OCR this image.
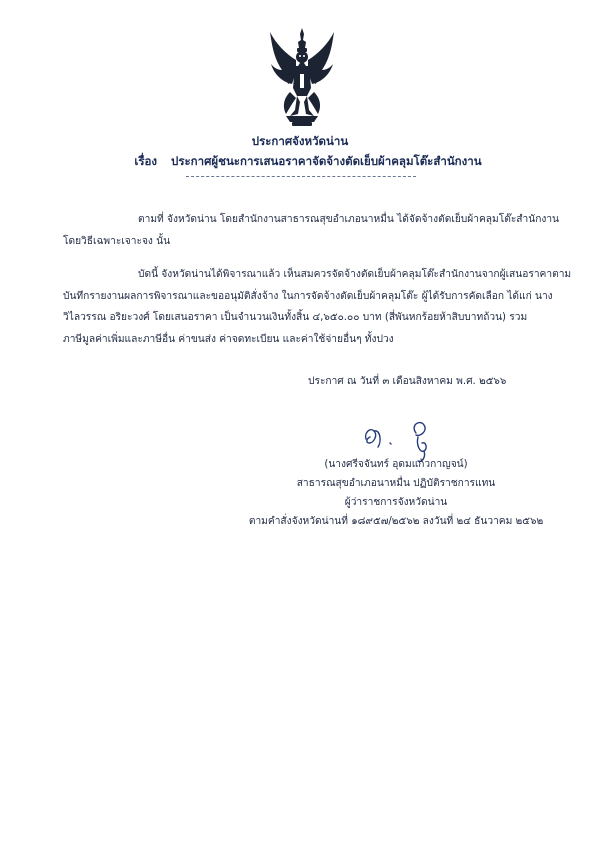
ประกาศจังหวัดน่าน
เรื่อง ประกาศผู้ชนะการเสนอราคาจัดจ้างตัดเย็บผ้าคลุมโต๊ะสำนักงาน
ตามที่ จังหวัดน่าน โดยสำนักงานสาธารณสุขอำเภอนาหมื่น ได้จัดจ้างตัดเย็บผ้าคลุมโต๊ะสำนักงาน
โดยวิธีเฉพาะเจาะจง นั้น
บัดนี้ จังหวัดน่านได้พิจารณาแล้ว เห็นสมควรจัดจ้างตัดเย็บผ้าคลุมโต๊ะสำนักงานจากผู้เสนอราคาตาม
บันทึกรายงานผลการพิจารณาและขออนุมัติสั่งจ้าง ในการจัดจ้างตัดเย็บผ้าคลุมโต๊ะ ผู้ได้รับการคัดเลือก ได้แก่ นาง
วิไลวรรณ อริยะวงศ์ โดยเสนอราคา เป็นจำนวนเงินทั้งสิ้น ๔,๖๕๐.๐๐ บาท (สี่พันหกร้อยห้าสิบบาทถ้วน) รวม
ภาษีมูลค่าเพิ่มและภาษีอื่น ค่าขนส่ง ค่าจดทะเบียน และค่าใช้จ่ายอื่นๆ ทั้งปวง
ประกาศ ณ วันที่ ๓ เดือนสิงหาคม พ.ศ. ๒๕๖๖
(นางศรีจจันทร์ อุดมแก้วกาญจน์)
สาธารณสุขอำเภอนาหมื่น ปฏิบัติราชการแทน
ผู้ว่าราชการจังหวัดน่าน
ตามคำสั่งจังหวัดน่านที่ ๑๘๙๕๗/๒๕๖๒ ลงวันที่ ๒๔ ธันวาคม ๒๕๖๒
